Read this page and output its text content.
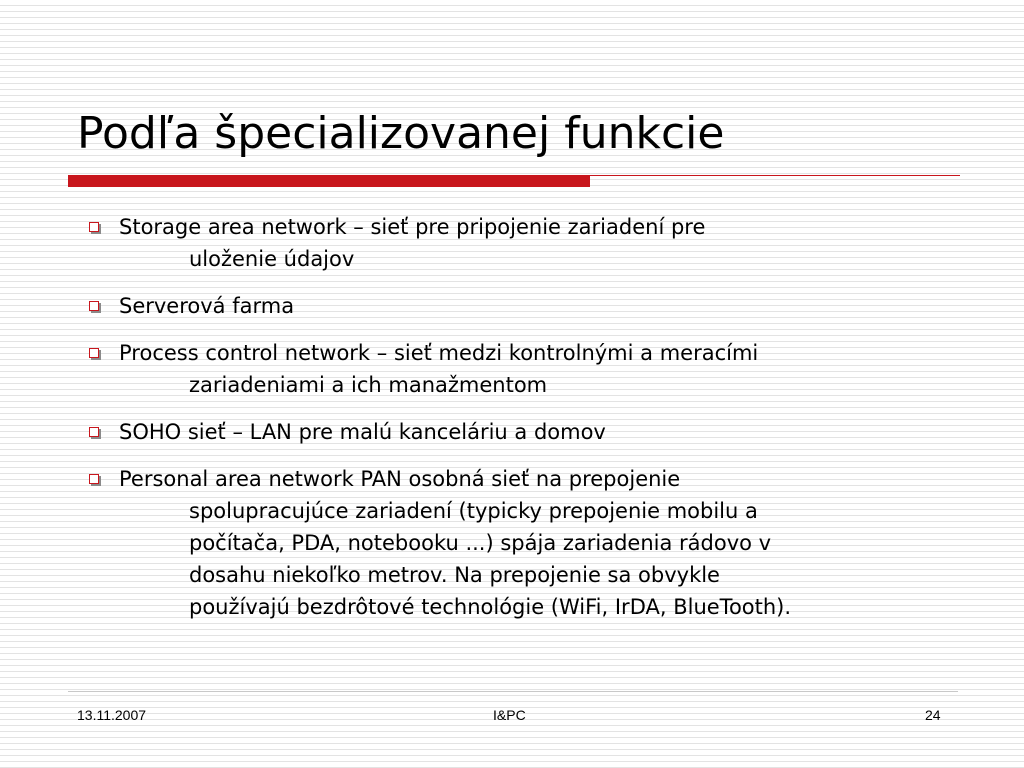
Podľa špecializovanej funkcie
Storage area network – sieť pre pripojenie zariadení pre
uloženie údajov
Serverová farma
Process control network – sieť medzi kontrolnými a meracími
zariadeniami a ich manažmentom
SOHO sieť – LAN pre malú kanceláriu a domov
Personal area network PAN osobná sieť na prepojenie
spolupracujúce zariadení (typicky prepojenie mobilu a
počítača, PDA, notebooku ...) spája zariadenia rádovo v
dosahu niekoľko metrov. Na prepojenie sa obvykle
používajú bezdrôtové technológie (WiFi, IrDA, BlueTooth).
13.11.2007	I&PC	24
